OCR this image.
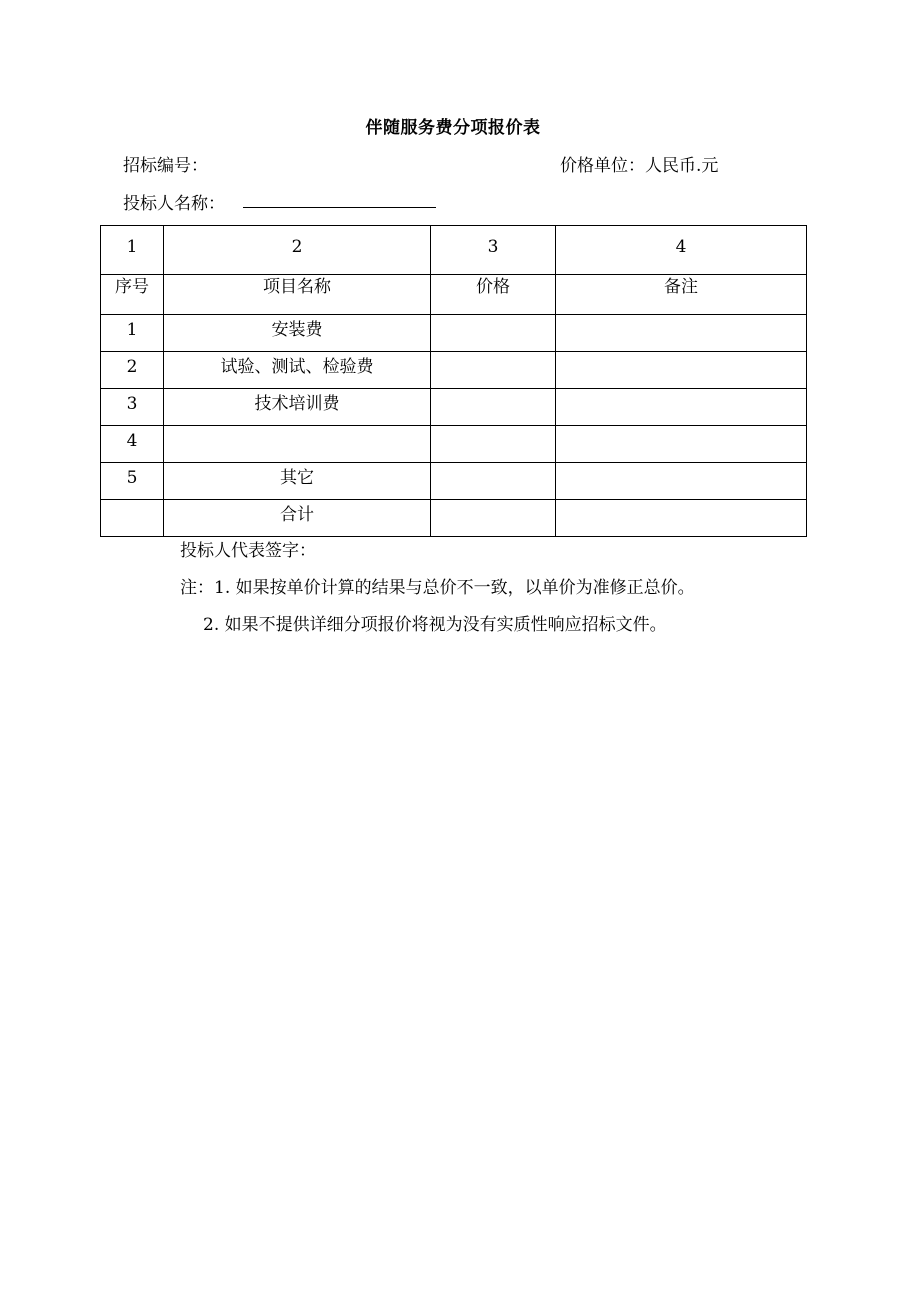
伴随服务费分项报价表
招标编号：	价格单位：人民币.元
投标人名称：
1	2	3	4
序号	项目名称	价格	备注
1	安装费		
2	试验、测试、检验费		
3	技术培训费		
4			
5	其它		
	合计		
投标人代表签字：
注：1. 如果按单价计算的结果与总价不一致，以单价为准修正总价。
2. 如果不提供详细分项报价将视为没有实质性响应招标文件。
